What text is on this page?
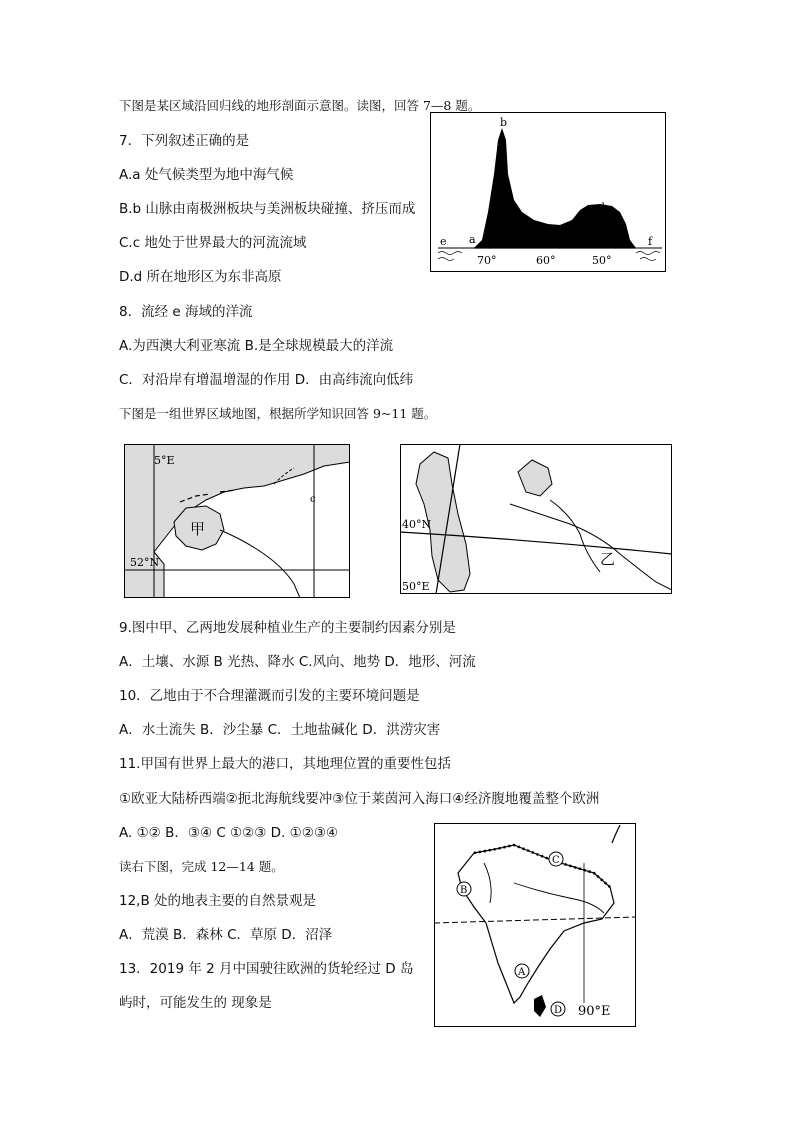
下图是某区域沿回归线的地形剖面示意图。读图，回答 7—8 题。
7．下列叙述正确的是
A.a 处气候类型为地中海气候
B.b 山脉由南极洲板块与美洲板块碰撞、挤压而成
C.c 地处于世界最大的河流流域
D.d 所在地形区为东非高原
8．流经 e 海域的洋流
A.为西澳大利亚寒流 B.是全球规模最大的洋流
C．对沿岸有增温增湿的作用 D．由高纬流向低纬
下图是一组世界区域地图，根据所学知识回答 9~11 题。
9.图中甲、乙两地发展种植业生产的主要制约因素分别是
A．土壤、水源 B 光热、降水 C.风向、地势 D．地形、河流
10．乙地由于不合理灌溉而引发的主要环境问题是
A．水土流失 B．沙尘暴 C．土地盐碱化 D．洪涝灾害
11.甲国有世界上最大的港口，其地理位置的重要性包括
①欧亚大陆桥西端②扼北海航线要冲③位于莱茵河入海口④经济腹地覆盖整个欧洲
A. ①② B．③④ C ①②③ D. ①②③④
读右下图，完成 12—14 题。
12,B 处的地表主要的自然景观是
A．荒漠 B．森林 C．草原 D．沼泽
13．2019 年 2 月中国驶往欧洲的货轮经过 D 岛
屿时，可能发生的 现象是
b
a
e
c
d
f
70°	60°	50°
5°E
52°N
甲
c
40°N
50°E
乙
C
B
A
D 90°E
